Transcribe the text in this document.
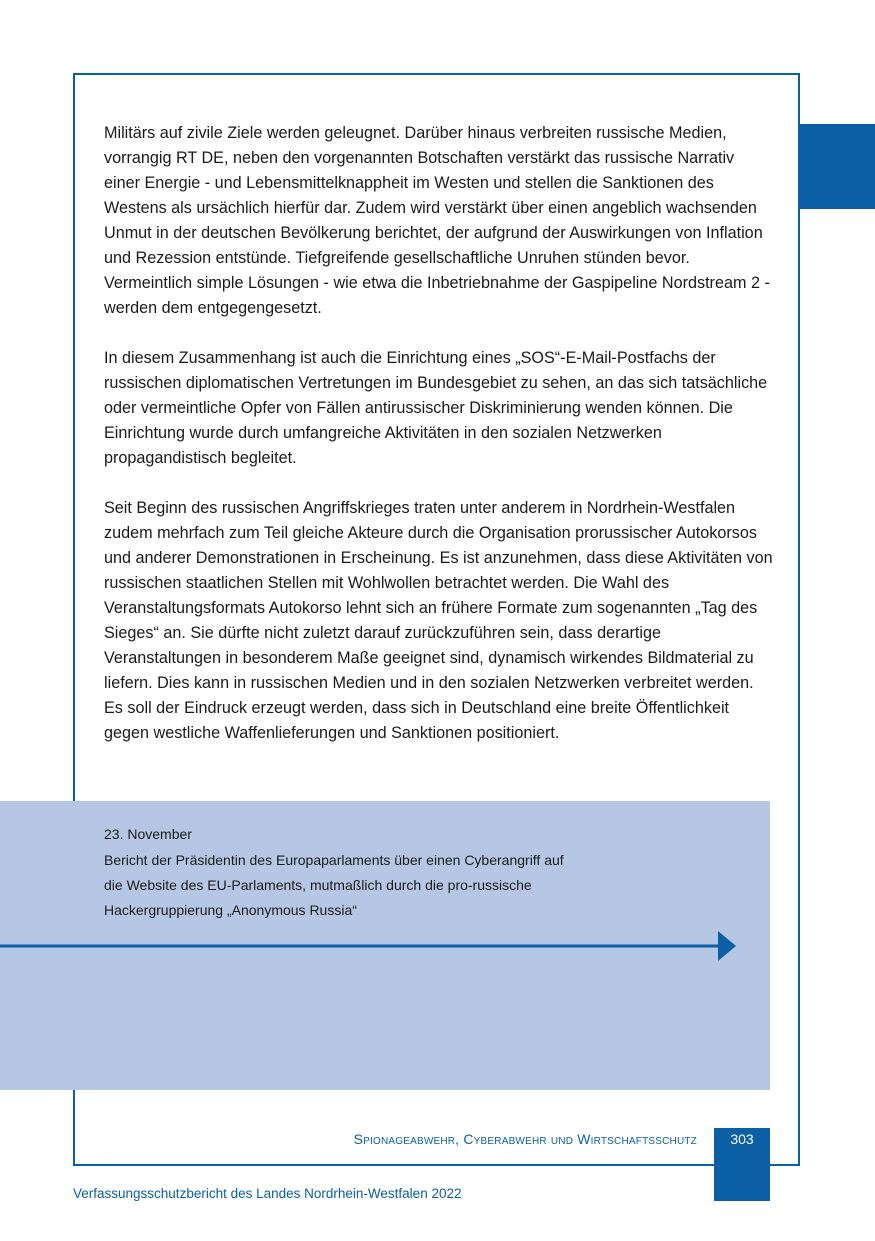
Militärs auf zivile Ziele werden geleugnet. Darüber hinaus verbreiten russische Medien, vorrangig RT DE, neben den vorgenannten Botschaften verstärkt das russische Narrativ einer Energie - und Lebensmittelknappheit im Westen und stellen die Sanktionen des Westens als ursächlich hierfür dar. Zudem wird verstärkt über einen angeblich wachsenden Unmut in der deutschen Bevölkerung berichtet, der aufgrund der Auswirkungen von Inflation und Rezession entstünde. Tiefgreifende gesellschaftliche Unruhen stünden bevor. Vermeintlich simple Lösungen - wie etwa die Inbetriebnahme der Gaspipeline Nordstream 2 - werden dem entgegengesetzt.

In diesem Zusammenhang ist auch die Einrichtung eines „SOS“-E-Mail-Postfachs der russischen diplomatischen Vertretungen im Bundesgebiet zu sehen, an das sich tatsächliche oder vermeintliche Opfer von Fällen antirussischer Diskriminierung wenden können. Die Einrichtung wurde durch umfangreiche Aktivitäten in den sozialen Netzwerken propagandistisch begleitet.

Seit Beginn des russischen Angriffskrieges traten unter anderem in Nordrhein-Westfalen zudem mehrfach zum Teil gleiche Akteure durch die Organisation prorussischer Autokorsos und anderer Demonstrationen in Erscheinung. Es ist anzunehmen, dass diese Aktivitäten von russischen staatlichen Stellen mit Wohlwollen betrachtet werden. Die Wahl des Veranstaltungsformats Autokorso lehnt sich an frühere Formate zum sogenannten „Tag des Sieges“ an. Sie dürfte nicht zuletzt darauf zurückzuführen sein, dass derartige Veranstaltungen in besonderem Maße geeignet sind, dynamisch wirkendes Bildmaterial zu liefern. Dies kann in russischen Medien und in den sozialen Netzwerken verbreitet werden. Es soll der Eindruck erzeugt werden, dass sich in Deutschland eine breite Öffentlichkeit gegen westliche Waffenlieferungen und Sanktionen positioniert.

23. November
Bericht der Präsidentin des Europaparlaments über einen Cyberangriff auf die Website des EU-Parlaments, mutmaßlich durch die pro-russische Hackergruppierung „Anonymous Russia“
Spionageabwehr, Cyberabwehr und Wirtschaftsschutz	303
Verfassungsschutzbericht des Landes Nordrhein-Westfalen 2022
